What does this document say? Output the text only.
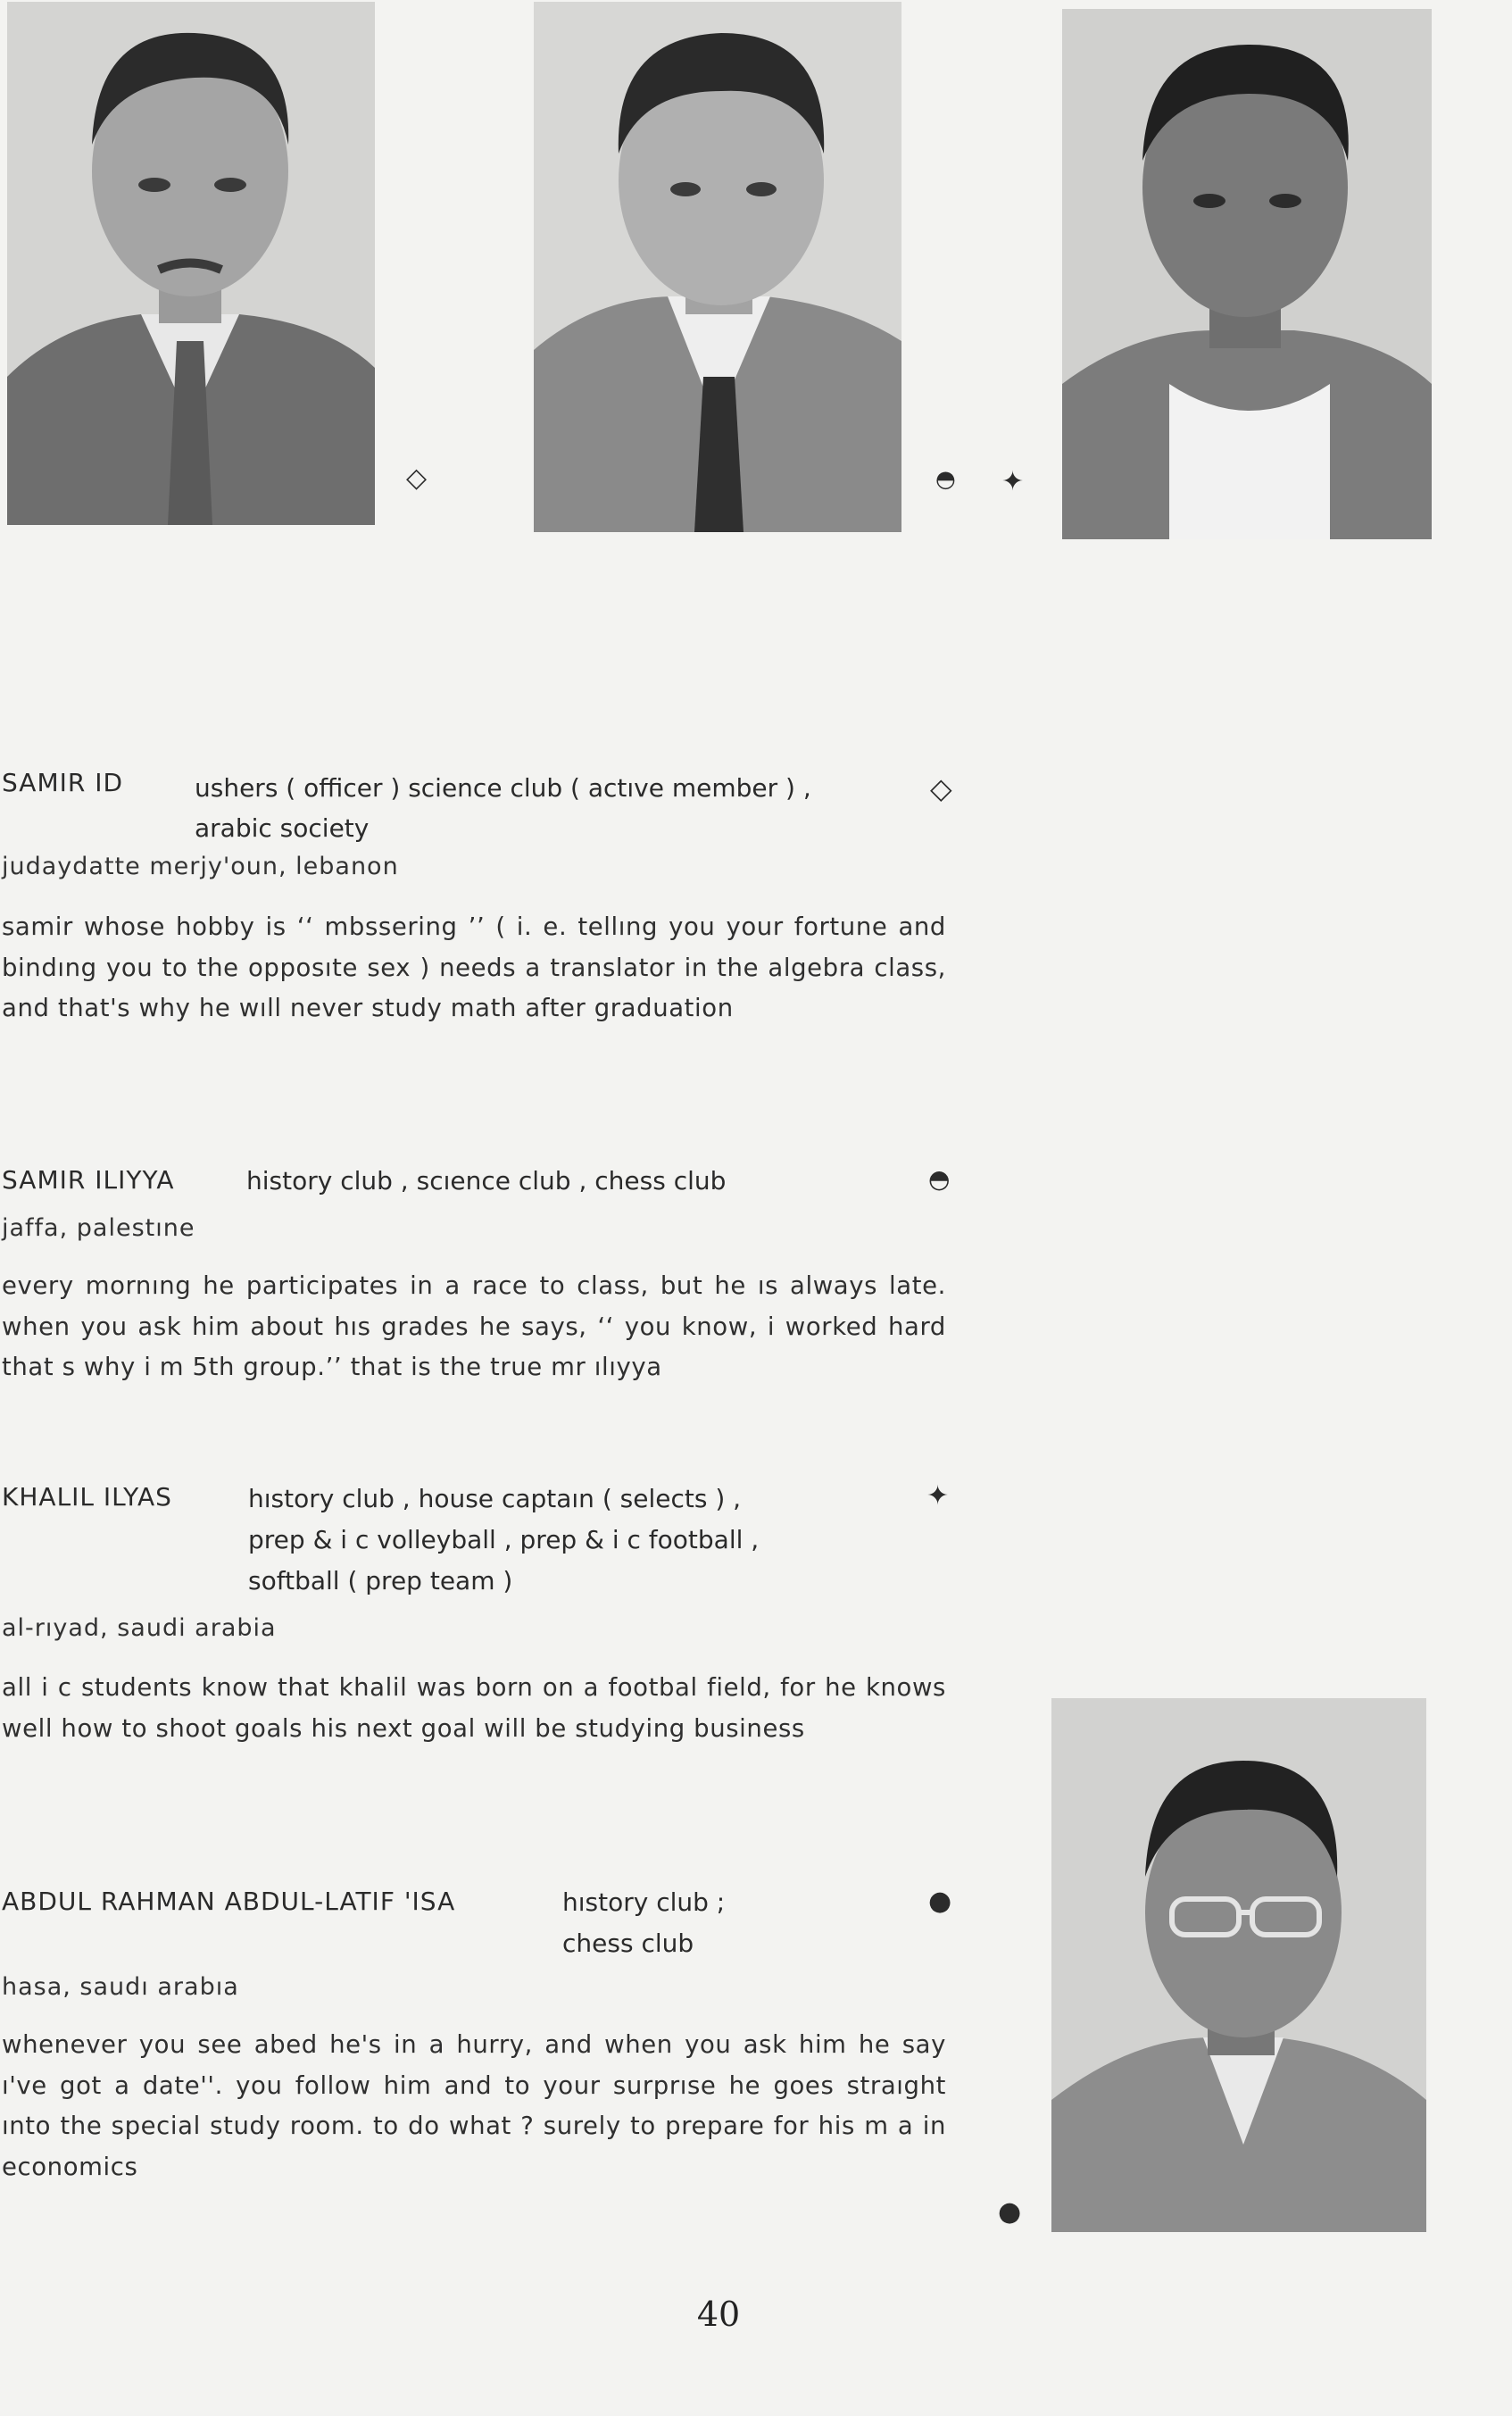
◇	◓ ✦
●
SAMIR ID	ushers ( officer ) science club ( actıve member ) ,
arabic society
◇
judaydatte merjy'oun, lebanon
samir whose hobby is ‘‘ mbssering ’’ ( i. e. tellıng you your fortune and bindıng you to the opposıte sex ) needs a translator in the algebra class, and that's why he wıll never study math after graduation
SAMIR ILIYYA	history club , scıence club , chess club	◓
jaffa, palestıne
every mornıng he participates in a race to class, but he ıs always late. when you ask him about hıs grades he says, ‘‘ you know, i worked hard that s why i m 5th group.’’ that is the true mr ılıyya
KHALIL ILYAS	hıstory club , house captaın ( selects ) ,
prep & i c volleyball , prep & i c football ,
softball ( prep team )
✦
al-rıyad, saudi arabia
all i c students know that khalil was born on a footbal field, for he knows well how to shoot goals his next goal will be studying business
ABDUL RAHMAN ABDUL-LATIF 'ISA	hıstory club ;
chess club
●
hasa, saudı arabıa
whenever you see abed he's in a hurry, and when you ask him he say ı've got a date''. you follow him and to your surprıse he goes straıght ınto the special study room. to do what ? surely to prepare for his m a in economics
40
